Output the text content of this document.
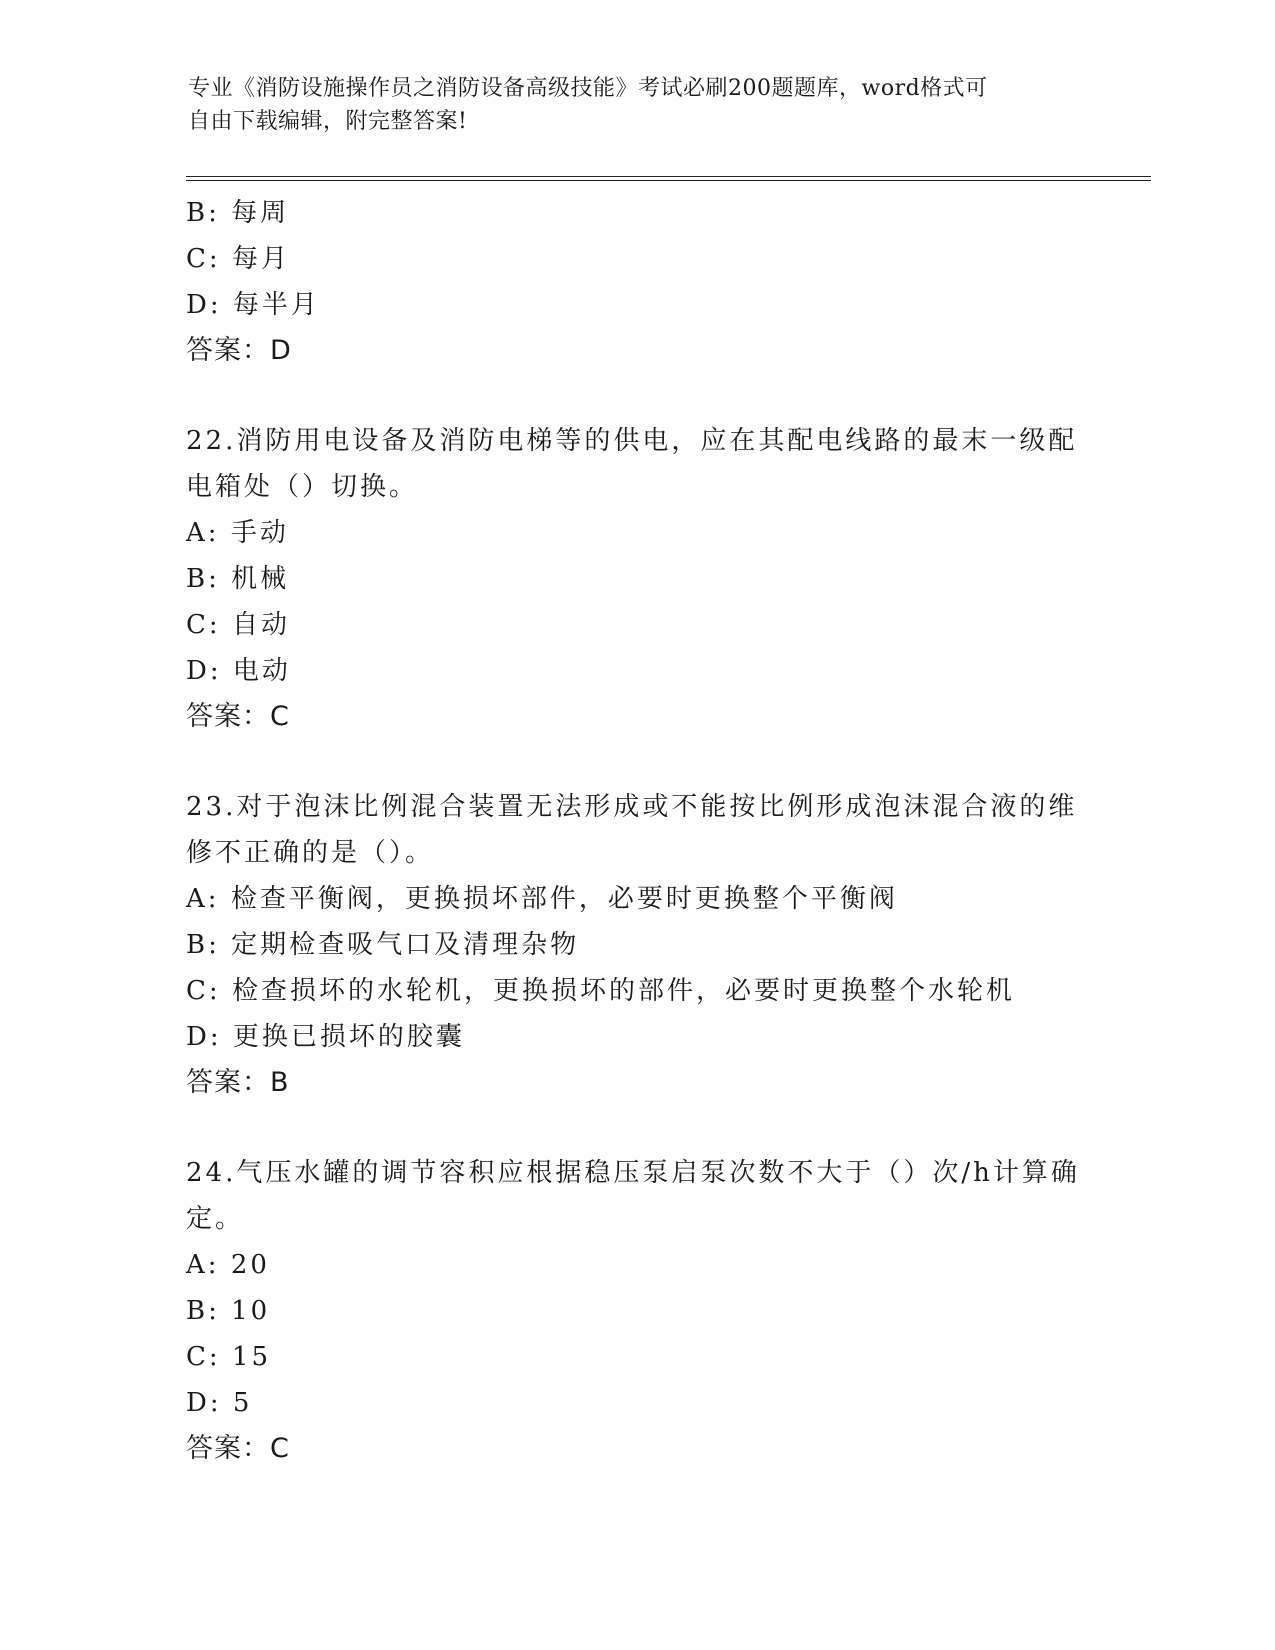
专业《消防设施操作员之消防设备高级技能》考试必刷200题题库，word格式可
自由下载编辑，附完整答案!
B: 每周
C: 每月
D: 每半月
答案：D
22.消防用电设备及消防电梯等的供电，应在其配电线路的最末一级配电箱处（）切换。
A: 手动
B: 机械
C: 自动
D: 电动
答案：C
23.对于泡沫比例混合装置无法形成或不能按比例形成泡沫混合液的维修不正确的是（）。
A: 检查平衡阀，更换损坏部件，必要时更换整个平衡阀
B: 定期检查吸气口及清理杂物
C: 检查损坏的水轮机，更换损坏的部件，必要时更换整个水轮机
D: 更换已损坏的胶囊
答案：B
24.气压水罐的调节容积应根据稳压泵启泵次数不大于（）次/h计算确定。
A: 20
B: 10
C: 15
D: 5
答案：C
